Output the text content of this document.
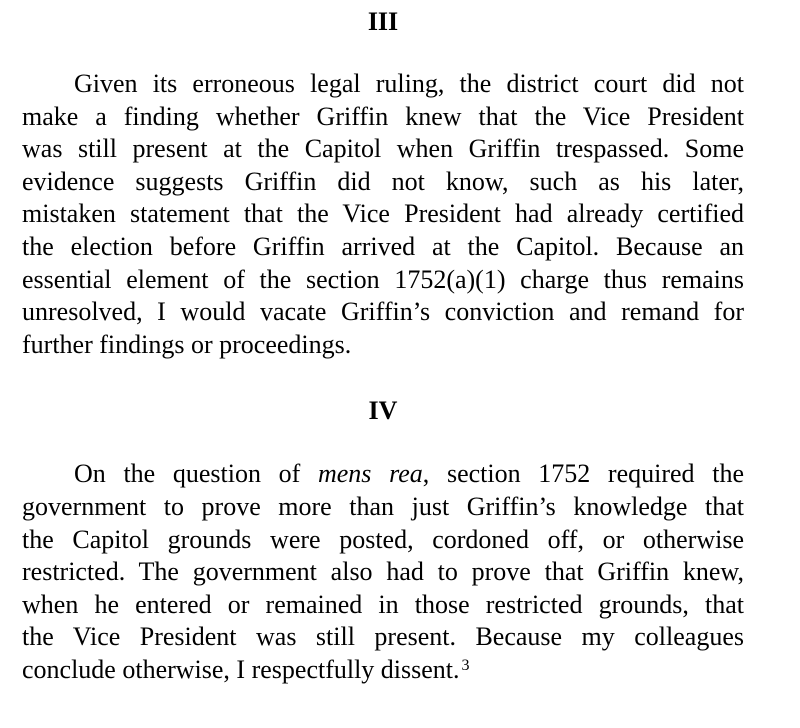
III

Given its erroneous legal ruling, the district court did not
make a finding whether Griffin knew that the Vice President
was still present at the Capitol when Griffin trespassed. Some
evidence suggests Griffin did not know, such as his later,
mistaken statement that the Vice President had already certified
the election before Griffin arrived at the Capitol. Because an
essential element of the section 1752(a)(1) charge thus remains
unresolved, I would vacate Griffin’s conviction and remand for
further findings or proceedings.

IV

On the question of mens rea, section 1752 required the
government to prove more than just Griffin’s knowledge that
the Capitol grounds were posted, cordoned off, or otherwise
restricted. The government also had to prove that Griffin knew,
when he entered or remained in those restricted grounds, that
the Vice President was still present. Because my colleagues
conclude otherwise, I respectfully dissent. $^3$
